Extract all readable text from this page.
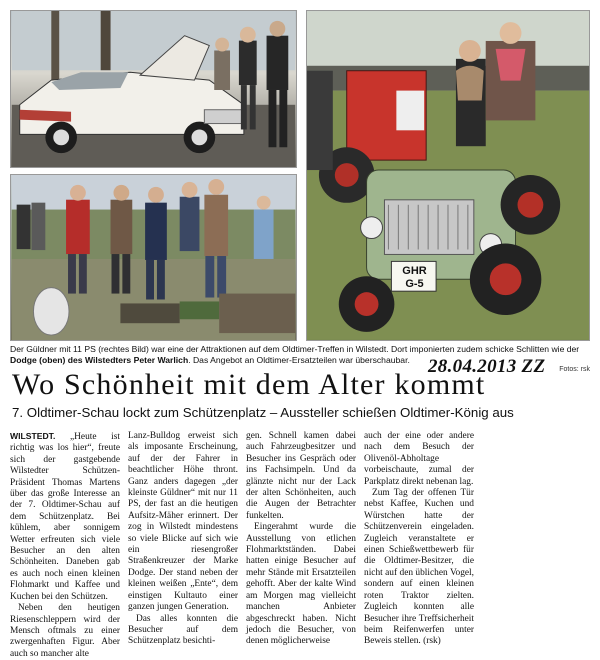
GHR
G-5
Der Güldner mit 11 PS (rechtes Bild) war eine der Attraktionen auf dem Oldtimer-Treffen in Wilstedt. Dort imponierten zudem schicke Schlitten wie der Dodge (oben) des Wilstedters Peter Warlich. Das Angebot an Oldtimer-Ersatzteilen war überschaubar.
Fotos: rsk
28.04.2013 ZZ
Wo Schönheit mit dem Alter kommt
7. Oldtimer-Schau lockt zum Schützenplatz – Aussteller schießen Oldtimer-König aus

WILSTEDT. „Heute ist richtig was los hier“, freute sich der gastgebende Wilstedter Schützen-Präsident Thomas Martens über das große Interesse an der 7. Oldtimer-Schau auf dem Schützenplatz. Bei kühlem, aber sonnigem Wetter erfreuten sich viele Besucher an den alten Schönheiten. Daneben gab es auch noch einen kleinen Flohmarkt und Kaffee und Kuchen bei den Schützen.

Neben den heutigen Riesenschleppern wird der Mensch oftmals zu einer zwergenhaften Figur. Aber auch so mancher alte

Lanz-Bulldog erweist sich als imposante Erscheinung, auf der der Fahrer in beachtlicher Höhe thront. Ganz anders dagegen „der kleinste Güldner“ mit nur 11 PS, der fast an die heutigen Aufsitz-Mäher erinnert. Der zog in Wilstedt mindestens so viele Blicke auf sich wie ein riesengroßer Straßenkreuzer der Marke Dodge. Der stand neben der kleinen weißen „Ente“, dem einstigen Kultauto einer ganzen jungen Generation.

Das alles konnten die Besucher auf dem Schützenplatz besichti-

gen. Schnell kamen dabei auch Fahrzeugbesitzer und Besucher ins Gespräch oder ins Fachsimpeln. Und da glänzte nicht nur der Lack der alten Schönheiten, auch die Augen der Betrachter funkelten.

Eingerahmt wurde die Ausstellung von etlichen Flohmarktständen. Dabei hatten einige Besucher auf mehr Stände mit Ersatzteilen gehofft. Aber der kalte Wind am Morgen mag vielleicht manchen Anbieter abgeschreckt haben. Nicht jedoch die Besucher, von denen möglicherweise

auch der eine oder andere nach dem Besuch der Olivenöl-Abholtage vorbeischaute, zumal der Parkplatz direkt nebenan lag.

Zum Tag der offenen Tür nebst Kaffee, Kuchen und Würstchen hatte der Schützenverein eingeladen. Zugleich veranstaltete er einen Schießwettbewerb für die Oldtimer-Besitzer, die nicht auf den üblichen Vogel, sondern auf einen kleinen roten Traktor zielten. Zugleich konnten alle Besucher ihre Treffsicherheit beim Reifenwerfen unter Beweis stellen. (rsk)
